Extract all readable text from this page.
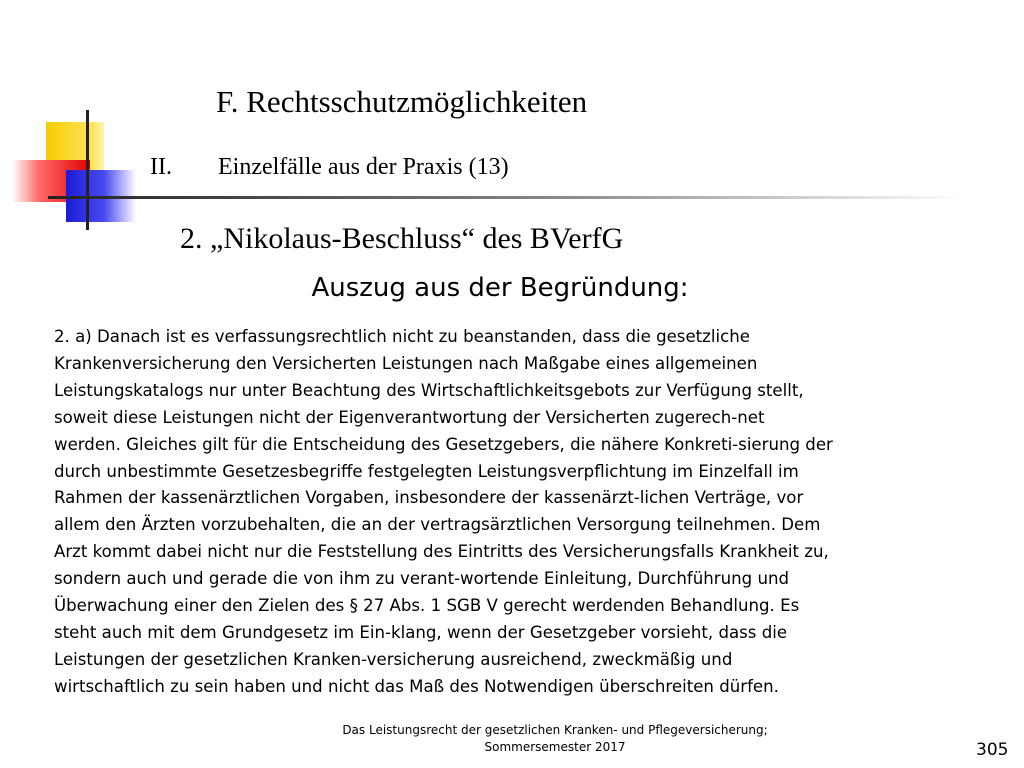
F. Rechtsschutzmöglichkeiten
II. Einzelfälle aus der Praxis (13)
2. „Nikolaus-Beschluss“ des BVerfG
Auszug aus der Begründung:
2. a) Danach ist es verfassungsrechtlich nicht zu beanstanden, dass die gesetzliche
Krankenversicherung den Versicherten Leistungen nach Maßgabe eines allgemeinen
Leistungskatalogs nur unter Beachtung des Wirtschaftlichkeitsgebots zur Verfügung stellt,
soweit diese Leistungen nicht der Eigenverantwortung der Versicherten zugerech-net
werden. Gleiches gilt für die Entscheidung des Gesetzgebers, die nähere Konkreti-sierung der
durch unbestimmte Gesetzesbegriffe festgelegten Leistungsverpflichtung im Einzelfall im
Rahmen der kassenärztlichen Vorgaben, insbesondere der kassenärzt-lichen Verträge, vor
allem den Ärzten vorzubehalten, die an der vertragsärztlichen Versorgung teilnehmen. Dem
Arzt kommt dabei nicht nur die Feststellung des Eintritts des Versicherungsfalls Krankheit zu,
sondern auch und gerade die von ihm zu verant-wortende Einleitung, Durchführung und
Überwachung einer den Zielen des § 27 Abs. 1 SGB V gerecht werdenden Behandlung. Es
steht auch mit dem Grundgesetz im Ein-klang, wenn der Gesetzgeber vorsieht, dass die
Leistungen der gesetzlichen Kranken-versicherung ausreichend, zweckmäßig und
wirtschaftlich zu sein haben und nicht das Maß des Notwendigen überschreiten dürfen.
Das Leistungsrecht der gesetzlichen Kranken- und Pflegeversicherung;
Sommersemester 2017	305
